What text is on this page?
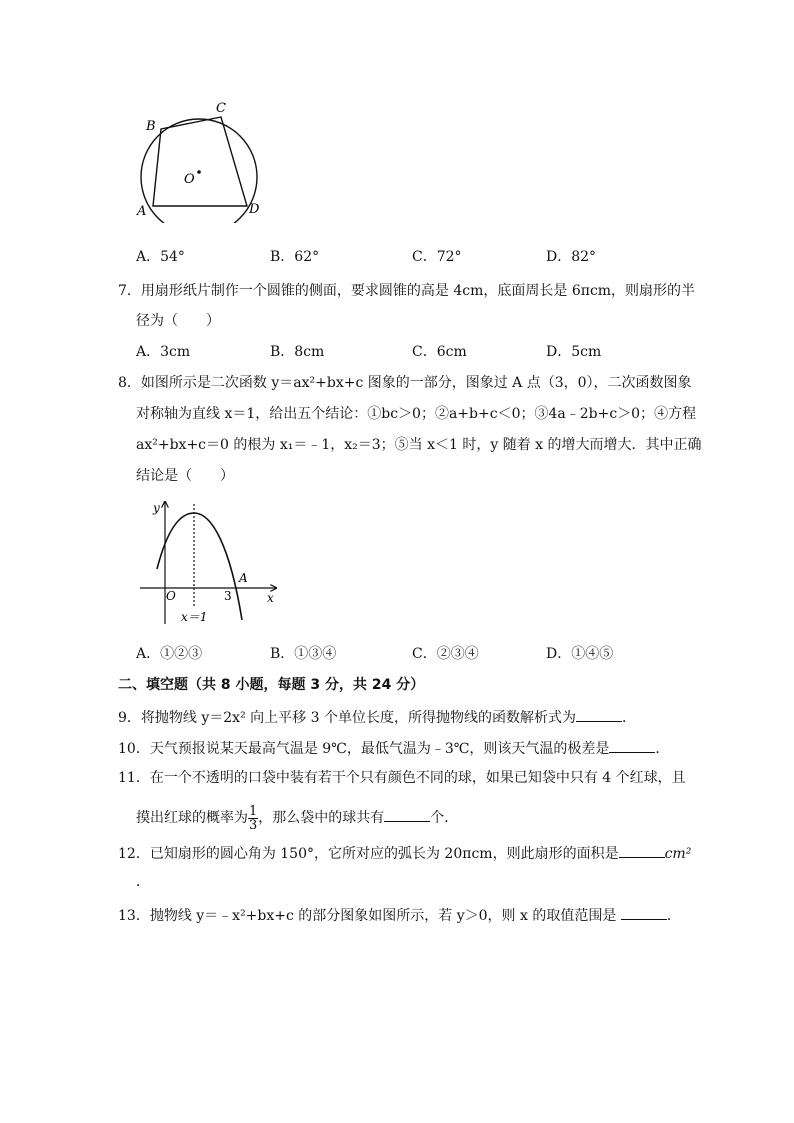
B
C
O
A	D
A．54°	B．62°	C．72°	D．82°
7．用扇形纸片制作一个圆锥的侧面，要求圆锥的高是 4cm，底面周长是 6πcm，则扇形的半
径为（　　）
A．3cm	B．8cm	C．6cm	D．5cm
8．如图所示是二次函数 y＝ax²+bx+c 图象的一部分，图象过 A 点（3，0），二次函数图象
对称轴为直线 x＝1，给出五个结论：①bc＞0；②a+b+c＜0；③4a﹣2b+c＞0；④方程
ax²+bx+c＝0 的根为 x₁＝﹣1，x₂＝3；⑤当 x＜1 时，y 随着 x 的增大而增大．其中正确
结论是（　　）
y
x
O
A
3
x＝1
A．①②③	B．①③④	C．②③④	D．①④⑤
二、填空题（共 8 小题，每题 3 分，共 24 分）
9．将抛物线 y＝2x² 向上平移 3 个单位长度，所得抛物线的函数解析式为	．
10．天气预报说某天最高气温是 9℃，最低气温为﹣3℃，则该天气温的极差是	．
11．在一个不透明的口袋中装有若干个只有颜色不同的球，如果已知袋中只有 4 个红球，且
摸出红球的概率为 $\frac{1}{3}$ ，那么袋中的球共有	个．
12．已知扇形的圆心角为 150°，它所对应的弧长为 20πcm，则此扇形的面积是	cm²
．
13．抛物线 y＝﹣x²+bx+c 的部分图象如图所示，若 y＞0，则 x 的取值范围是	．
